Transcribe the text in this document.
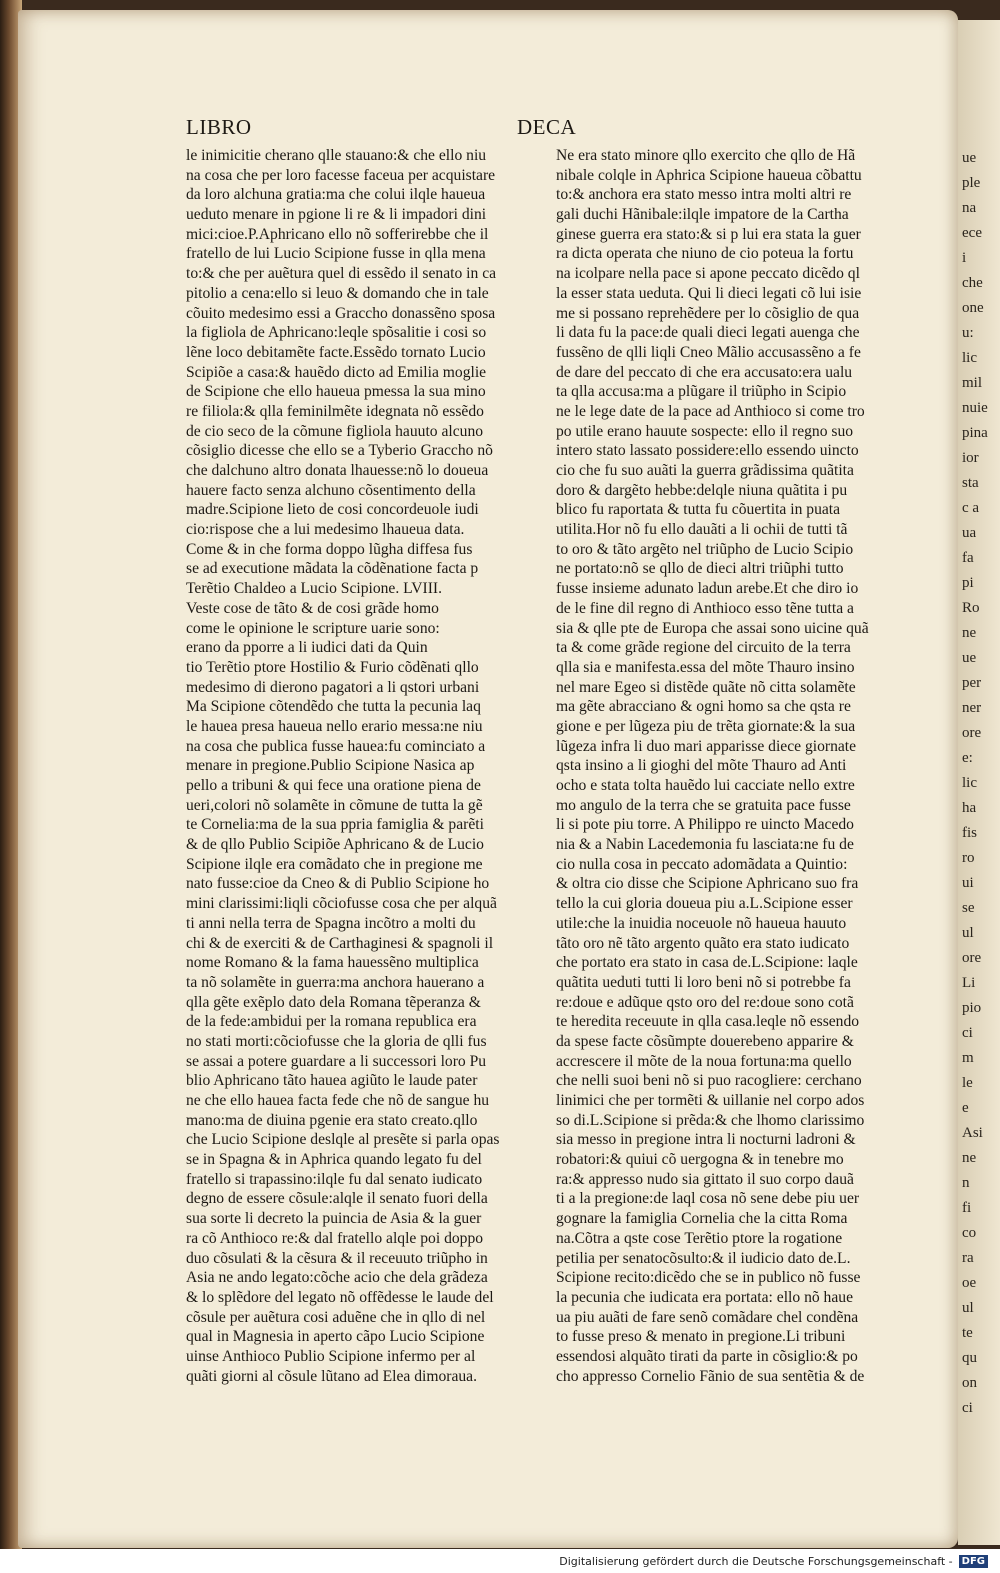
ue
ple
na
ece
i
che
one
u:
lic
mil
nuie
pina
ior
sta
c a
ua
fa
pi
Ro
ne
ue
per
ner
ore
e:
lic
ha
fis
ro
ui
se
ul
ore
Li
pio
ci
m
le
e
Asi
ne
n
fi
co
ra
oe
ul
te
qu
on
ci
LIBRO	DECA
le inimicitie cherano qlle stauano:& che ello niu
na cosa che per loro facesse faceua per acquistare
da loro alchuna gratia:ma che colui ilqle haueua
ueduto menare in pgione li re & li impadori dini
mici:cioe.P.Aphricano ello nõ sofferirebbe che il
fratello de lui Lucio Scipione fusse in qlla mena
to:& che per auẽtura quel di essẽdo il senato in ca
pitolio a cena:ello si leuo & domando che in tale
cõuito medesimo essi a Graccho donassẽno sposa
la figliola de Aphricano:leqle spõsalitie i cosi so
lẽne loco debitamẽte facte.Essẽdo tornato Lucio
Scipiõe a casa:& hauẽdo dicto ad Emilia moglie
de Scipione che ello haueua pmessa la sua mino
re filiola:& qlla feminilmẽte idegnata nõ essẽdo
de cio seco de la cõmune figliola hauuto alcuno
cõsiglio dicesse che ello se a Tyberio Graccho nõ
che dalchuno altro donata lhauesse:nõ lo doueua
hauere facto senza alchuno cõsentimento della
madre.Scipione lieto de cosi concordeuole iudi
cio:rispose che a lui medesimo lhaueua data.
Come & in che forma doppo lũgha diffesa fus
se ad executione mãdata la cõdẽnatione facta p
Terẽtio Chaldeo a Lucio Scipione. LVIII.
Veste cose de tãto & de cosi grãde homo
come le opinione le scripture uarie sono:
erano da pporre a li iudici dati da Quin
tio Terẽtio ptore Hostilio & Furio cõdẽnati qllo
medesimo di dierono pagatori a li qstori urbani
Ma Scipione cõtendẽdo che tutta la pecunia laq
le hauea presa haueua nello erario messa:ne niu
na cosa che publica fusse hauea:fu cominciato a
menare in pregione.Publio Scipione Nasica ap
pello a tribuni & qui fece una oratione piena de
ueri,colori nõ solamẽte in cõmune de tutta la gẽ
te Cornelia:ma de la sua ppria famiglia & parẽti
& de qllo Publio Scipiõe Aphricano & de Lucio
Scipione ilqle era comãdato che in pregione me
nato fusse:cioe da Cneo & di Publio Scipione ho
mini clarissimi:liqli cõciofusse cosa che per alquã
ti anni nella terra de Spagna incõtro a molti du
chi & de exerciti & de Carthaginesi & spagnoli il
nome Romano & la fama hauessẽno multiplica
ta nõ solamẽte in guerra:ma anchora hauerano a
qlla gẽte exẽplo dato dela Romana tẽperanza &
de la fede:ambidui per la romana republica era
no stati morti:cõciofusse che la gloria de qlli fus
se assai a potere guardare a li successori loro Pu
blio Aphricano tãto hauea agiũto le laude pater
ne che ello hauea facta fede che nõ de sangue hu
mano:ma de diuina pgenie era stato creato.qllo
che Lucio Scipione deslqle al presẽte si parla opas
se in Spagna & in Aphrica quando legato fu del
fratello si trapassino:ilqle fu dal senato iudicato
degno de essere cõsule:alqle il senato fuori della
sua sorte li decreto la puincia de Asia & la guer
ra cõ Anthioco re:& dal fratello alqle poi doppo
duo cõsulati & la cẽsura & il receuuto triũpho in
Asia ne ando legato:cõche acio che dela grãdeza
& lo splẽdore del legato nõ offẽdesse le laude del
cõsule per auẽtura cosi aduẽne che in qllo di nel
qual in Magnesia in aperto cãpo Lucio Scipione
uinse Anthioco Publio Scipione infermo per al
quãti giorni al cõsule lũtano ad Elea dimoraua.
Ne era stato minore qllo exercito che qllo de Hã
nibale colqle in Aphrica Scipione haueua cõbattu
to:& anchora era stato messo intra molti altri re
gali duchi Hãnibale:ilqle impatore de la Cartha
ginese guerra era stato:& si p lui era stata la guer
ra dicta operata che niuno de cio poteua la fortu
na icolpare nella pace si apone peccato dicẽdo ql
la esser stata ueduta. Qui li dieci legati cõ lui isie
me si possano reprehẽdere per lo cõsiglio de qua
li data fu la pace:de quali dieci legati auenga che
fussẽno de qlli liqli Cneo Mãlio accusassẽno a fe
de dare del peccato di che era accusato:era ualu
ta qlla accusa:ma a plũgare il triũpho in Scipio
ne le lege date de la pace ad Anthioco si come tro
po utile erano hauute sospecte: ello il regno suo
intero stato lassato possidere:ello essendo uincto
cio che fu suo auãti la guerra grãdissima quãtita
doro & dargẽto hebbe:delqle niuna quãtita i pu
blico fu raportata & tutta fu cõuertita in puata
utilita.Hor nõ fu ello dauãti a li ochii de tutti tã
to oro & tãto argẽto nel triũpho de Lucio Scipio
ne portato:nõ se qllo de dieci altri triũphi tutto
fusse insieme adunato ladun arebe.Et che diro io
de le fine dil regno di Anthioco esso tẽne tutta a
sia & qlle pte de Europa che assai sono uicine quã
ta & come grãde regione del circuito de la terra
qlla sia e manifesta.essa del mõte Thauro insino
nel mare Egeo si distẽde quãte nõ citta solamẽte
ma gẽte abracciano & ogni homo sa che qsta re
gione e per lũgeza piu de trẽta giornate:& la sua
lũgeza infra li duo mari apparisse diece giornate
qsta insino a li gioghi del mõte Thauro ad Anti
ocho e stata tolta hauẽdo lui cacciate nello extre
mo angulo de la terra che se gratuita pace fusse
li si pote piu torre. A Philippo re uincto Macedo
nia & a Nabin Lacedemonia fu lasciata:ne fu de
cio nulla cosa in peccato adomãdata a Quintio:
& oltra cio disse che Scipione Aphricano suo fra
tello la cui gloria doueua piu a.L.Scipione esser
utile:che la inuidia noceuole nõ haueua hauuto
tãto oro nẽ tãto argento quãto era stato iudicato
che portato era stato in casa de.L.Scipione: laqle
quãtita ueduti tutti li loro beni nõ si potrebbe fa
re:doue e adũque qsto oro del re:doue sono cotã
te heredita receuute in qlla casa.leqle nõ essendo
da spese facte cõsũmpte douerebeno apparire &
accrescere il mõte de la noua fortuna:ma quello
che nelli suoi beni nõ si puo racogliere: cerchano
linimici che per tormẽti & uillanie nel corpo ados
so di.L.Scipione si prẽda:& che lhomo clarissimo
sia messo in pregione intra li nocturni ladroni &
robatori:& quiui cõ uergogna & in tenebre mo
ra:& appresso nudo sia gittato il suo corpo dauã
ti a la pregione:de laql cosa nõ sene debe piu uer
gognare la famiglia Cornelia che la citta Roma
na.Cõtra a qste cose Terẽtio ptore la rogatione
petilia per senatocõsulto:& il iudicio dato de.L.
Scipione recito:dicẽdo che se in publico nõ fusse
la pecunia che iudicata era portata: ello nõ haue
ua piu auãti de fare senõ comãdare chel condẽna
to fusse preso & menato in pregione.Li tribuni
essendosi alquãto tirati da parte in cõsiglio:& po
cho appresso Cornelio Fãnio de sua sentẽtia & de
Digitalisierung gefördert durch die Deutsche Forschungsgemeinschaft - DFG
